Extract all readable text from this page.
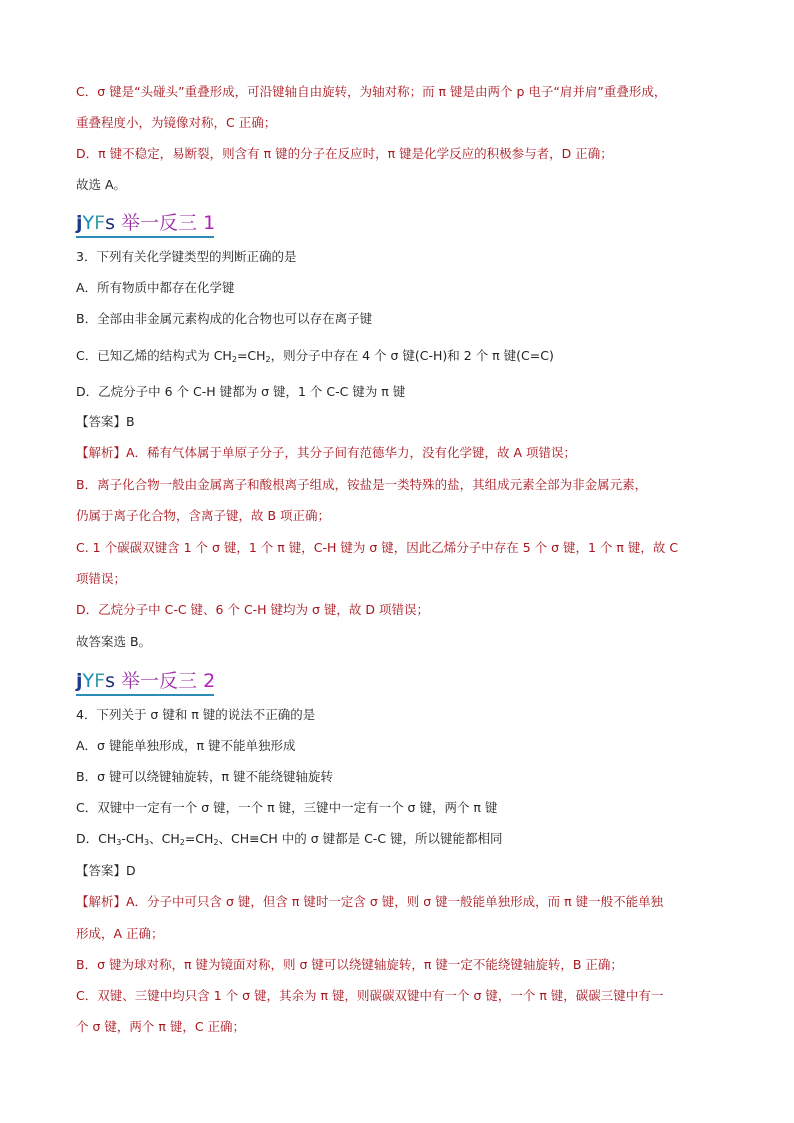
C．σ 键是“头碰头”重叠形成，可沿键轴自由旋转，为轴对称；而 π 键是由两个 p 电子“肩并肩”重叠形成，
重叠程度小，为镜像对称，C 正确；
D．π 键不稳定，易断裂，则含有 π 键的分子在反应时，π 键是化学反应的积极参与者，D 正确；
故选 A。
jYFs 举一反三 1
3．下列有关化学键类型的判断正确的是
A．所有物质中都存在化学键
B．全部由非金属元素构成的化合物也可以存在离子键
C．已知乙烯的结构式为 $CH_2=CH_2$，则分子中存在 4 个 σ 键(C-H)和 2 个 π 键(C=C)
D．乙烷分子中 6 个 C-H 键都为 σ 键，1 个 C-C 键为 π 键
【答案】B
【解析】A．稀有气体属于单原子分子，其分子间有范德华力，没有化学键，故 A 项错误；
B．离子化合物一般由金属离子和酸根离子组成，铵盐是一类特殊的盐，其组成元素全部为非金属元素，
仍属于离子化合物，含离子键，故 B 项正确；
C. 1 个碳碳双键含 1 个 σ 键，1 个 π 键，C-H 键为 σ 键，因此乙烯分子中存在 5 个 σ 键，1 个 π 键，故 C
项错误；
D．乙烷分子中 C-C 键、6 个 C-H 键均为 σ 键，故 D 项错误；
故答案选 B。
jYFs 举一反三 2
4．下列关于 σ 键和 π 键的说法不正确的是
A．σ 键能单独形成，π 键不能单独形成
B．σ 键可以绕键轴旋转，π 键不能绕键轴旋转
C．双键中一定有一个 σ 键，一个 π 键，三键中一定有一个 σ 键，两个 π 键
D．$CH_3-CH_3$、$CH_2=CH_2$、CH≡CH 中的 σ 键都是 C-C 键，所以键能都相同
【答案】D
【解析】A．分子中可只含 σ 键，但含 π 键时一定含 σ 键，则 σ 键一般能单独形成，而 π 键一般不能单独
形成，A 正确；
B．σ 键为球对称，π 键为镜面对称，则 σ 键可以绕键轴旋转，π 键一定不能绕键轴旋转，B 正确；
C．双键、三键中均只含 1 个 σ 键，其余为 π 键，则碳碳双键中有一个 σ 键，一个 π 键，碳碳三键中有一
个 σ 键，两个 π 键，C 正确；
